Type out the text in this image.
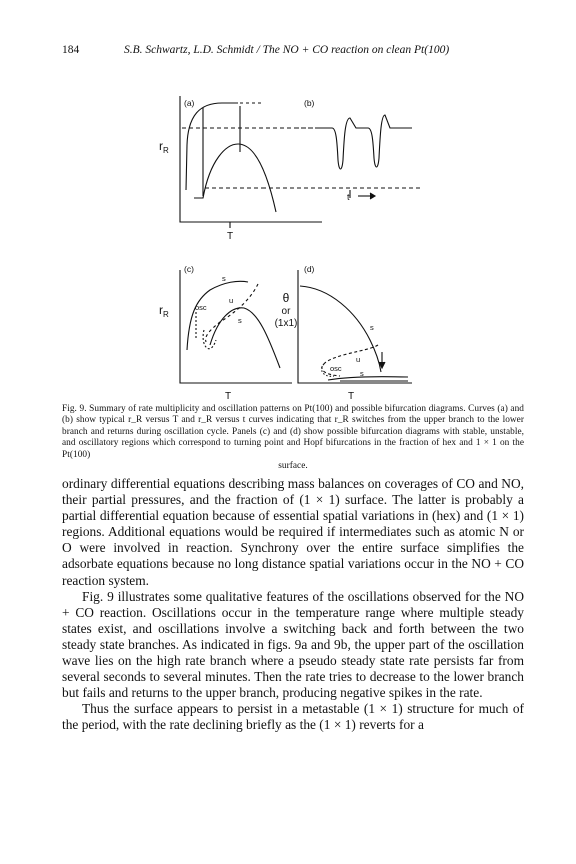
184	S.B. Schwartz, L.D. Schmidt / The NO + CO reaction on clean Pt(100)
(a)	(b)
$r_R$
T
t
(c)	(d)
$r_R$
s
osc
u
s
θ
or
(1x1)	s
u
osc
s
T	T
Fig. 9. Summary of rate multiplicity and oscillation patterns on Pt(100) and possible bifurcation diagrams. Curves (a) and (b) show typical r_R versus T and r_R versus t curves indicating that r_R switches from the upper branch to the lower branch and returns during oscillation cycle. Panels (c) and (d) show possible bifurcation diagrams with stable, unstable, and oscillatory regions which correspond to turning point and Hopf bifurcations in the fraction of hex and 1 × 1 on the Pt(100)
surface.

ordinary differential equations describing mass balances on coverages of CO and NO, their partial pressures, and the fraction of (1 × 1) surface. The latter is probably a partial differential equation because of essential spatial variations in (hex) and (1 × 1) regions. Additional equations would be required if intermediates such as atomic N or O were involved in reaction. Synchrony over the entire surface simplifies the adsorbate equations because no long distance spatial variations occur in the NO + CO reaction system.

Fig. 9 illustrates some qualitative features of the oscillations observed for the NO + CO reaction. Oscillations occur in the temperature range where multiple steady states exist, and oscillations involve a switching back and forth between the two steady state branches. As indicated in figs. 9a and 9b, the upper part of the oscillation wave lies on the high rate branch where a pseudo steady state rate persists far from several seconds to several minutes. Then the rate tries to decrease to the lower branch but fails and returns to the upper branch, producing negative spikes in the rate.

Thus the surface appears to persist in a metastable (1 × 1) structure for much of the period, with the rate declining briefly as the (1 × 1) reverts for a
